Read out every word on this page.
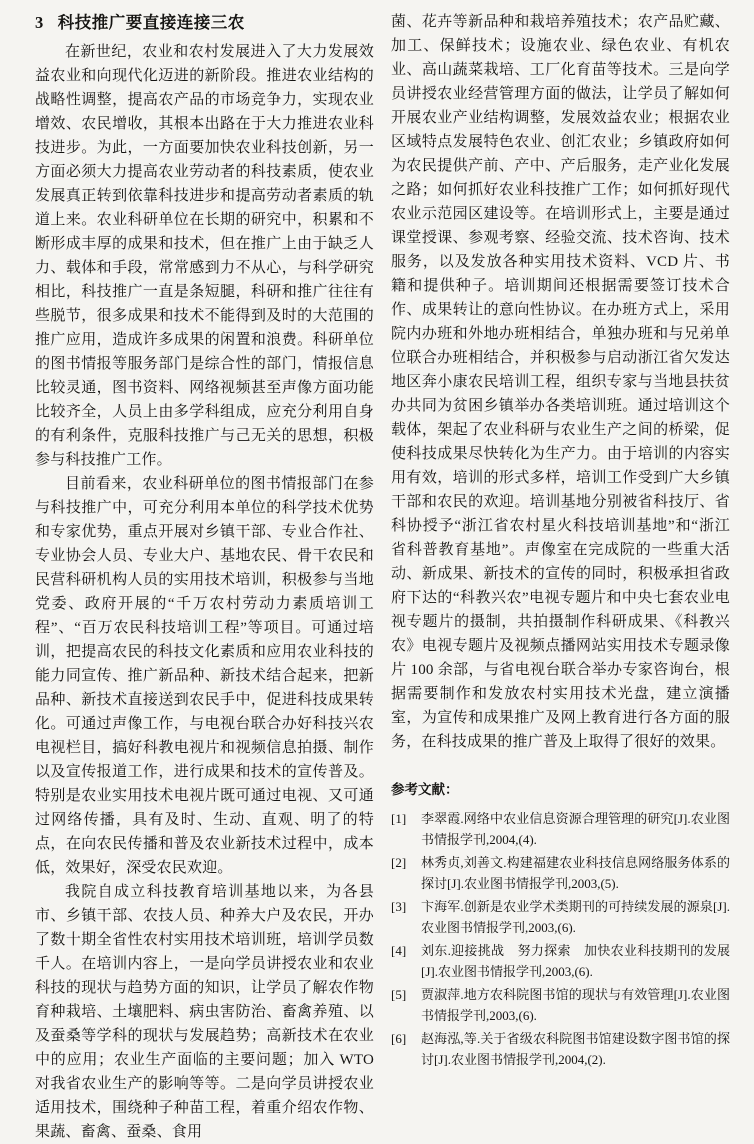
3 科技推广要直接连接三农

在新世纪，农业和农村发展进入了大力发展效益农业和向现代化迈进的新阶段。推进农业结构的战略性调整，提高农产品的市场竞争力，实现农业增效、农民增收，其根本出路在于大力推进农业科技进步。为此，一方面要加快农业科技创新，另一方面必须大力提高农业劳动者的科技素质，使农业发展真正转到依靠科技进步和提高劳动者素质的轨道上来。农业科研单位在长期的研究中，积累和不断形成丰厚的成果和技术，但在推广上由于缺乏人力、载体和手段，常常感到力不从心，与科学研究相比，科技推广一直是条短腿，科研和推广往往有些脱节，很多成果和技术不能得到及时的大范围的推广应用，造成许多成果的闲置和浪费。科研单位的图书情报等服务部门是综合性的部门，情报信息比较灵通，图书资料、网络视频甚至声像方面功能比较齐全，人员上由多学科组成，应充分利用自身的有利条件，克服科技推广与己无关的思想，积极参与科技推广工作。

目前看来，农业科研单位的图书情报部门在参与科技推广中，可充分利用本单位的科学技术优势和专家优势，重点开展对乡镇干部、专业合作社、专业协会人员、专业大户、基地农民、骨干农民和民营科研机构人员的实用技术培训，积极参与当地党委、政府开展的“千万农村劳动力素质培训工程”、“百万农民科技培训工程”等项目。可通过培训，把提高农民的科技文化素质和应用农业科技的能力同宣传、推广新品种、新技术结合起来，把新品种、新技术直接送到农民手中，促进科技成果转化。可通过声像工作，与电视台联合办好科技兴农电视栏目，搞好科教电视片和视频信息拍摄、制作以及宣传报道工作，进行成果和技术的宣传普及。特别是农业实用技术电视片既可通过电视、又可通过网络传播，具有及时、生动、直观、明了的特点，在向农民传播和普及农业新技术过程中，成本低，效果好，深受农民欢迎。

我院自成立科技教育培训基地以来，为各县市、乡镇干部、农技人员、种养大户及农民，开办了数十期全省性农村实用技术培训班，培训学员数千人。在培训内容上，一是向学员讲授农业和农业科技的现状与趋势方面的知识，让学员了解农作物育种栽培、土壤肥料、病虫害防治、畜禽养殖、以及蚕桑等学科的现状与发展趋势；高新技术在农业中的应用；农业生产面临的主要问题；加入 WTO 对我省农业生产的影响等等。二是向学员讲授农业适用技术，围绕种子种苗工程，着重介绍农作物、果蔬、畜禽、蚕桑、食用

菌、花卉等新品种和栽培养殖技术；农产品贮藏、加工、保鲜技术；设施农业、绿色农业、有机农业、高山蔬菜栽培、工厂化育苗等技术。三是向学员讲授农业经营管理方面的做法，让学员了解如何开展农业产业结构调整，发展效益农业；根据农业区域特点发展特色农业、创汇农业；乡镇政府如何为农民提供产前、产中、产后服务，走产业化发展之路；如何抓好农业科技推广工作；如何抓好现代农业示范园区建设等。在培训形式上，主要是通过课堂授课、参观考察、经验交流、技术咨询、技术服务，以及发放各种实用技术资料、VCD 片、书籍和提供种子。培训期间还根据需要签订技术合作、成果转让的意向性协议。在办班方式上，采用院内办班和外地办班相结合，单独办班和与兄弟单位联合办班相结合，并积极参与启动浙江省欠发达地区奔小康农民培训工程，组织专家与当地县扶贫办共同为贫困乡镇举办各类培训班。通过培训这个载体，架起了农业科研与农业生产之间的桥梁，促使科技成果尽快转化为生产力。由于培训的内容实用有效，培训的形式多样，培训工作受到广大乡镇干部和农民的欢迎。培训基地分别被省科技厅、省科协授予“浙江省农村星火科技培训基地”和“浙江省科普教育基地”。声像室在完成院的一些重大活动、新成果、新技术的宣传的同时，积极承担省政府下达的“科教兴农”电视专题片和中央七套农业电视专题片的摄制，共拍摄制作科研成果、《科教兴农》电视专题片及视频点播网站实用技术专题录像片 100 余部，与省电视台联合举办专家咨询台，根据需要制作和发放农村实用技术光盘，建立演播室，为宣传和成果推广及网上教育进行各方面的服务，在科技成果的推广普及上取得了很好的效果。

参考文献：

[1]	李翠霞.网络中农业信息资源合理管理的研究[J].农业图书情报学刊,2004,(4).
[2]	林秀贞,刘善文.构建福建农业科技信息网络服务体系的探讨[J].农业图书情报学刊,2003,(5).
[3]	卞海军.创新是农业学术类期刊的可持续发展的源泉[J].农业图书情报学刊,2003,(6).
[4]	刘东.迎接挑战　努力探索　加快农业科技期刊的发展[J].农业图书情报学刊,2003,(6).
[5]	贾淑萍.地方农科院图书馆的现状与有效管理[J].农业图书情报学刊,2003,(6).
[6]	赵海泓,等.关于省级农科院图书馆建设数字图书馆的探讨[J].农业图书情报学刊,2004,(2).
